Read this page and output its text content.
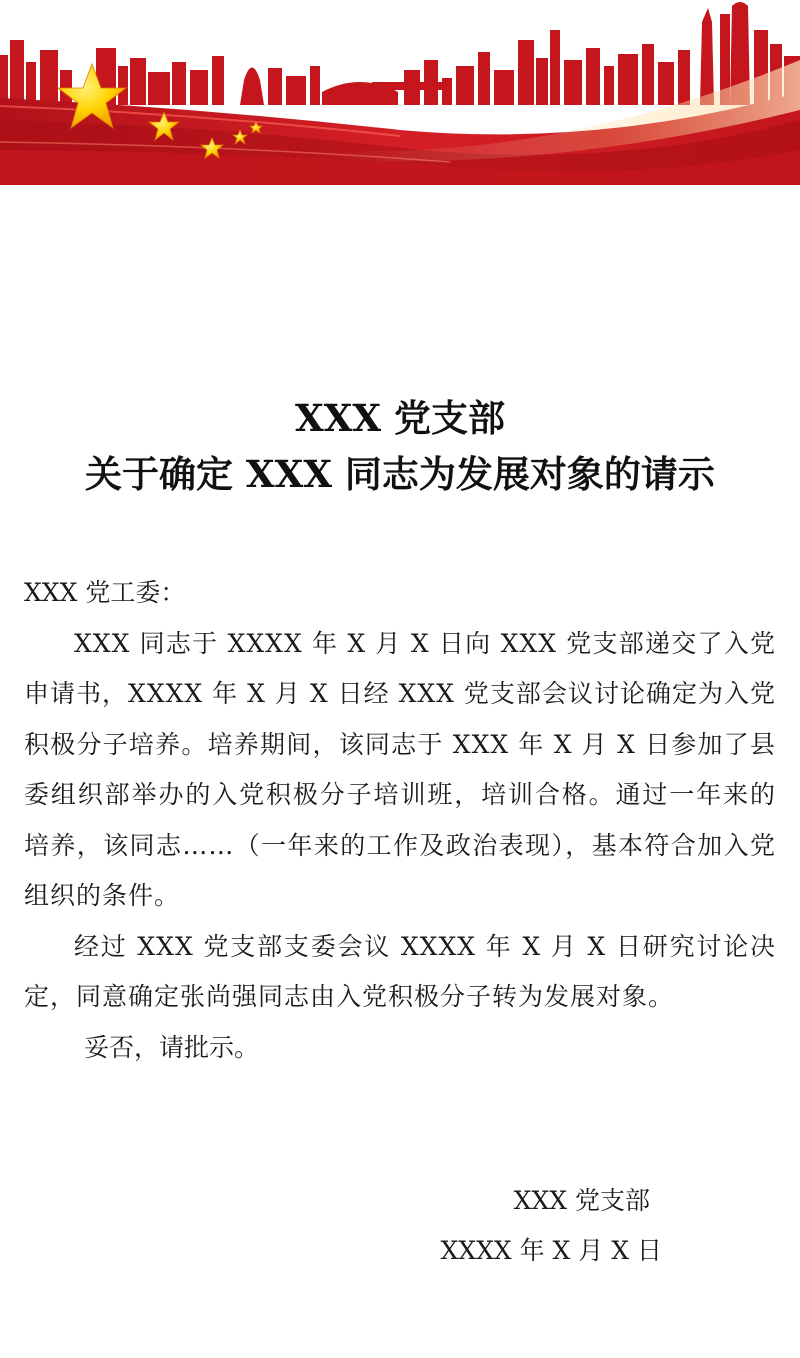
XXX 党支部
关于确定 XXX 同志为发展对象的请示

XXX 党工委：

XXX 同志于 XXXX 年 X 月 X 日向 XXX 党支部递交了入党申请书，XXXX 年 X 月 X 日经 XXX 党支部会议讨论确定为入党积极分子培养。培养期间，该同志于 XXX 年 X 月 X 日参加了县委组织部举办的入党积极分子培训班，培训合格。通过一年来的培养，该同志……（一年来的工作及政治表现），基本符合加入党组织的条件。

经过 XXX 党支部支委会议 XXXX 年 X 月 X 日研究讨论决定，同意确定张尚强同志由入党积极分子转为发展对象。

妥否，请批示。

XXX 党支部
XXXX 年 X 月 X 日
